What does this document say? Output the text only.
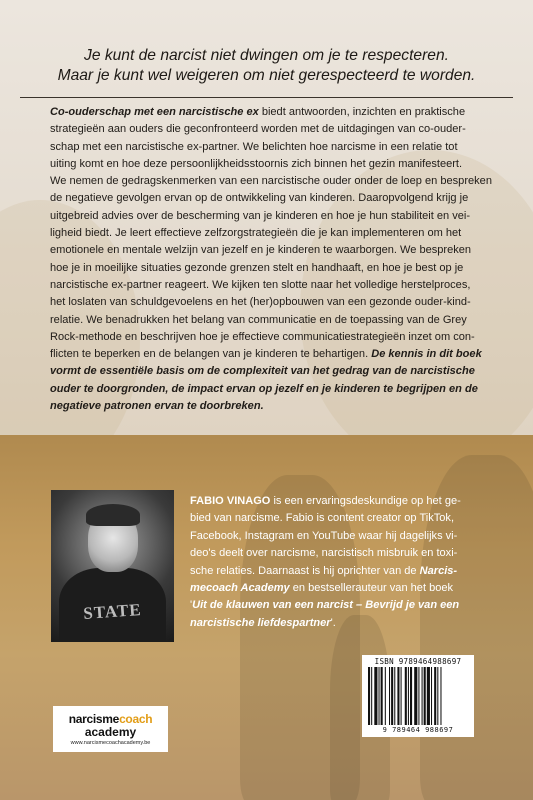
Je kunt de narcist niet dwingen om je te respecteren.
Maar je kunt wel weigeren om niet gerespecteerd te worden.
Co-ouderschap met een narcistische ex biedt antwoorden, inzichten en praktische
strategieën aan ouders die geconfronteerd worden met de uitdagingen van co-ouder-
schap met een narcistische ex-partner. We belichten hoe narcisme in een relatie tot
uiting komt en hoe deze persoonlijkheidsstoornis zich binnen het gezin manifesteert.
We nemen de gedragskenmerken van een narcistische ouder onder de loep en bespreken
de negatieve gevolgen ervan op de ontwikkeling van kinderen. Daaropvolgend krijg je
uitgebreid advies over de bescherming van je kinderen en hoe je hun stabiliteit en vei-
ligheid biedt. Je leert effectieve zelfzorgstrategieën die je kan implementeren om het
emotionele en mentale welzijn van jezelf en je kinderen te waarborgen. We bespreken
hoe je in moeilijke situaties gezonde grenzen stelt en handhaaft, en hoe je best op je
narcistische ex-partner reageert. We kijken ten slotte naar het volledige herstelproces,
het loslaten van schuldgevoelens en het (her)opbouwen van een gezonde ouder-kind-
relatie. We benadrukken het belang van communicatie en de toepassing van de Grey
Rock-methode en beschrijven hoe je effectieve communicatiestrategieën inzet om con-
flicten te beperken en de belangen van je kinderen te behartigen. De kennis in dit boek
vormt de essentiële basis om de complexiteit van het gedrag van de narcistische
ouder te doorgronden, de impact ervan op jezelf en je kinderen te begrijpen en de
negatieve patronen ervan te doorbreken.
STATE
FABIO VINAGO is een ervaringsdeskundige op het ge-
bied van narcisme. Fabio is content creator op TikTok,
Facebook, Instagram en YouTube waar hij dagelijks vi-
deo's deelt over narcisme, narcistisch misbruik en toxi-
sche relaties. Daarnaast is hij oprichter van de Narcis-
mecoach Academy en bestsellerauteur van het boek
'Uit de klauwen van een narcist – Bevrijd je van een
narcistische liefdespartner'.
ISBN 9789464988697
9 789464 988697
narcismecoach
academy
www.narcismecoachacademy.be
